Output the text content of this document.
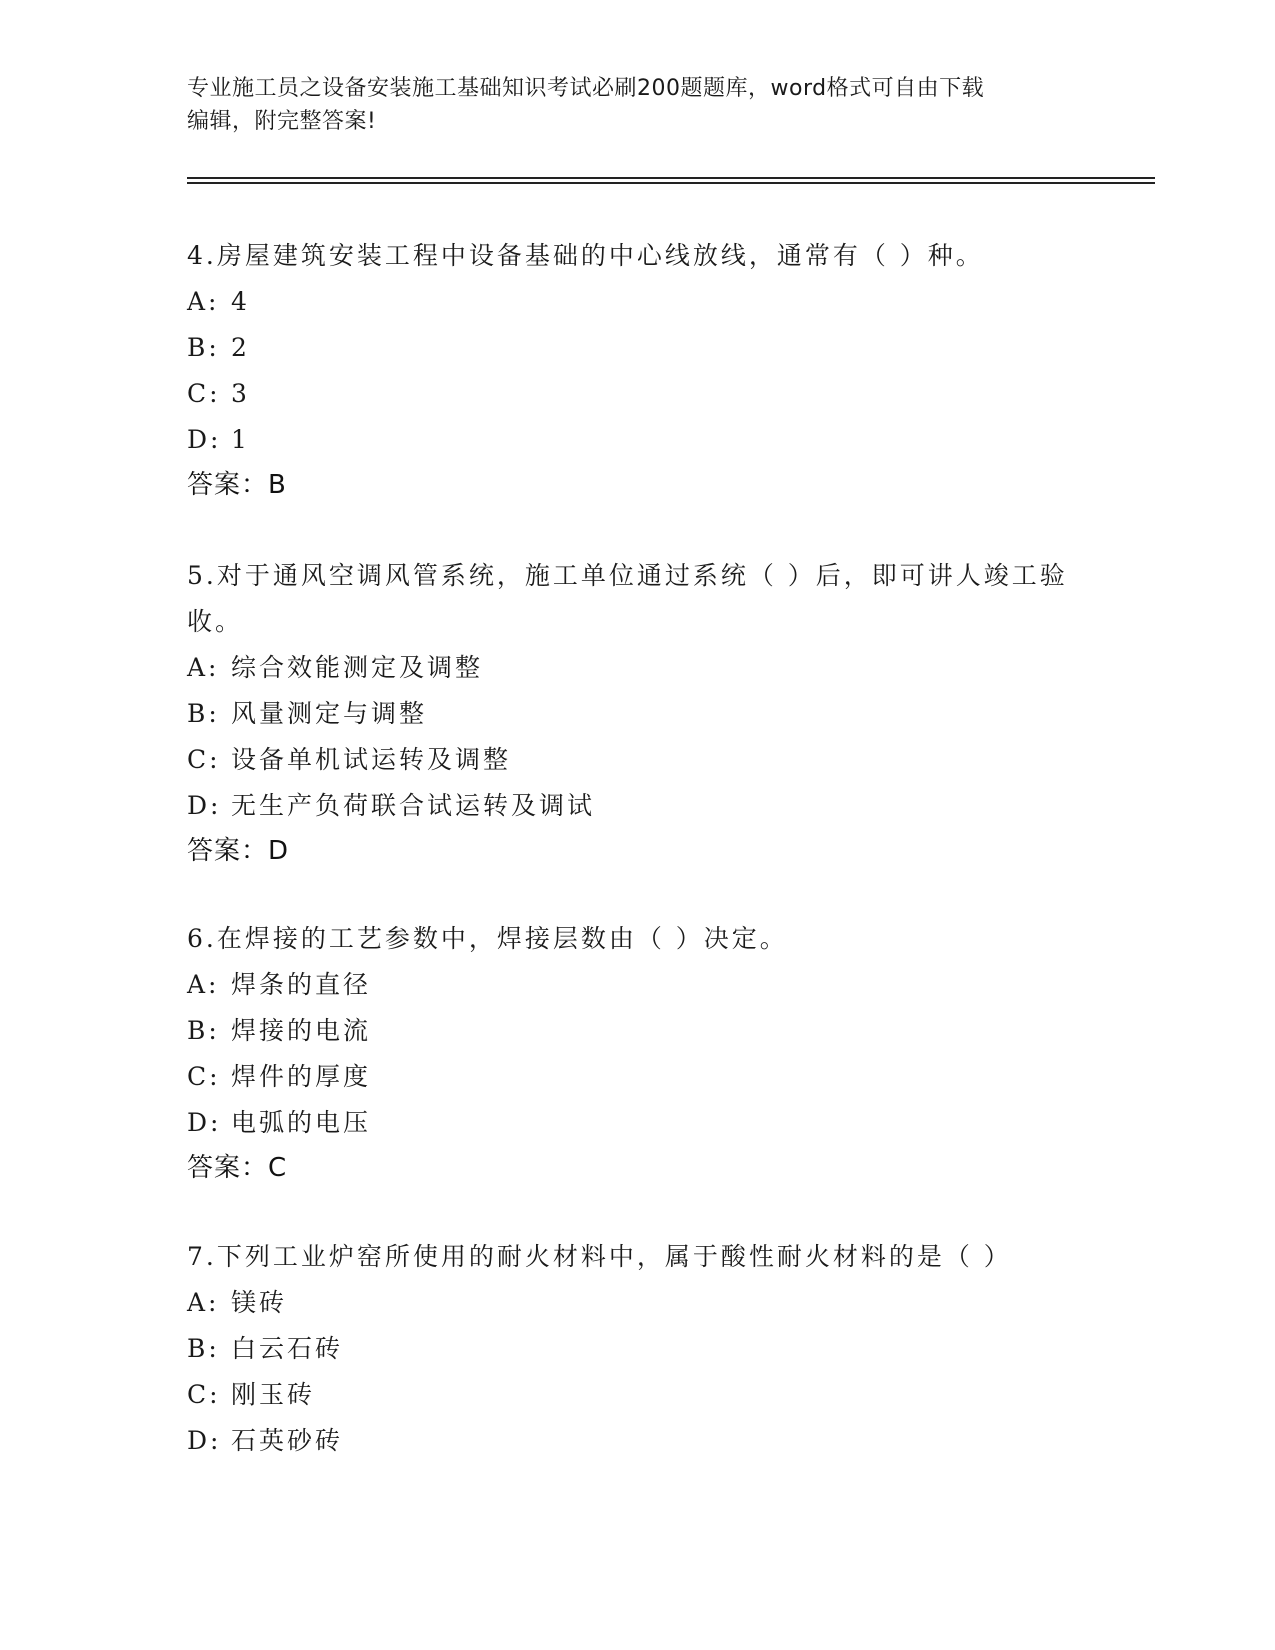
专业施工员之设备安装施工基础知识考试必刷200题题库，word格式可自由下载
编辑，附完整答案!

4.房屋建筑安装工程中设备基础的中心线放线，通常有（ ）种。

A: 4

B: 2

C: 3

D: 1

答案：B

5.对于通风空调风管系统，施工单位通过系统（ ）后，即可讲人竣工验收。

A: 综合效能测定及调整

B: 风量测定与调整

C: 设备单机试运转及调整

D: 无生产负荷联合试运转及调试

答案：D

6.在焊接的工艺参数中，焊接层数由（ ）决定。

A: 焊条的直径

B: 焊接的电流

C: 焊件的厚度

D: 电弧的电压

答案：C

7.下列工业炉窑所使用的耐火材料中，属于酸性耐火材料的是（ ）

A: 镁砖

B: 白云石砖

C: 刚玉砖

D: 石英砂砖
